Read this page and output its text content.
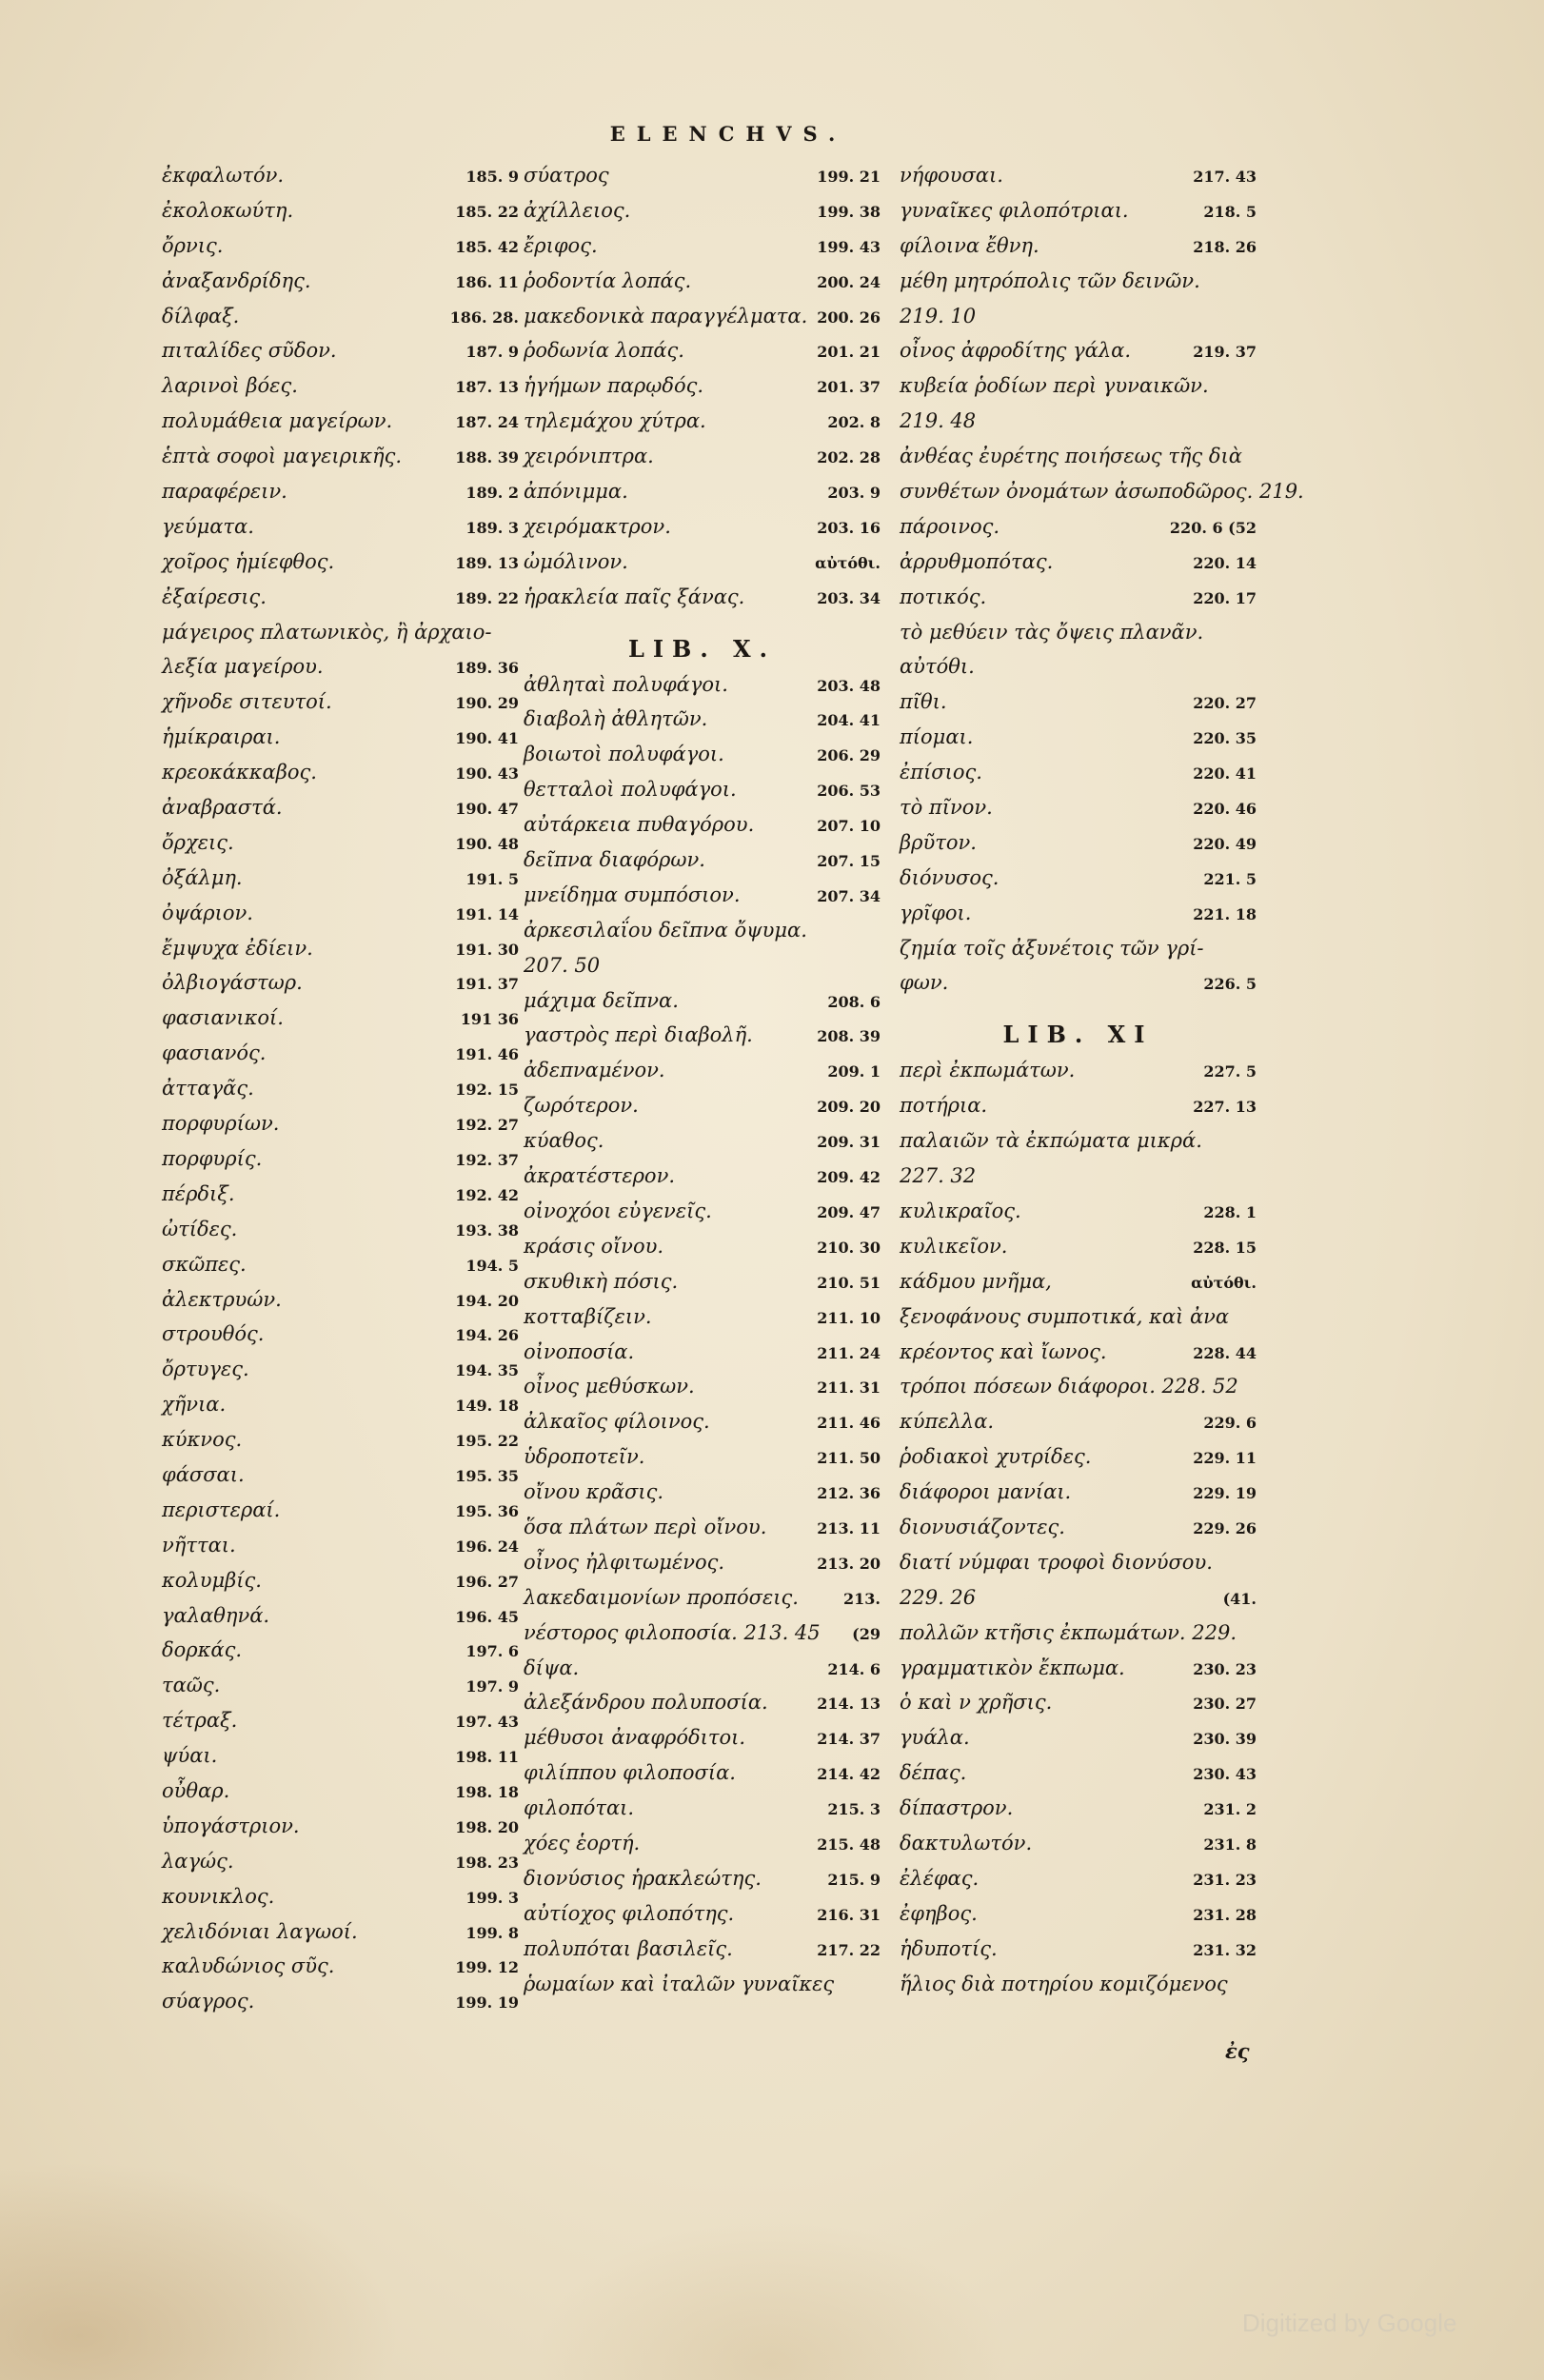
ELENCHVS.
ἐκφαλωτόν.	185. 9
ἐκολοκωύτη.	185. 22
ὄρνις.	185. 42
ἀναξανδρίδης.	186. 11
δίλφαξ.	186. 28.
πιταλίδες σῦδον.	187. 9
λαρινοὶ βόες.	187. 13
πολυμάθεια μαγείρων.	187. 24
ἑπτὰ σοφοὶ μαγειρικῆς.	188. 39
παραφέρειν.	189. 2
γεύματα.	189. 3
χοῖρος ἡμίεφθος.	189. 13
ἐξαίρεσις.	189. 22
μάγειρος πλατωνικὸς, ἢ ἀρχαιο-
λεξία μαγείρου.	189. 36
χῆνοδε σιτευτοί.	190. 29
ἡμίκραιραι.	190. 41
κρεοκάκκαβος.	190. 43
ἀναβραστά.	190. 47
ὄρχεις.	190. 48
ὀξάλμη.	191. 5
ὀψάριον.	191. 14
ἔμψυχα ἐδίειν.	191. 30
ὀλβιογάστωρ.	191. 37
φασιανικοί.	191 36
φασιανός.	191. 46
ἀτταγᾶς.	192. 15
πορφυρίων.	192. 27
πορφυρίς.	192. 37
πέρδιξ.	192. 42
ὠτίδες.	193. 38
σκῶπες.	194. 5
ἀλεκτρυών.	194. 20
στρουθός.	194. 26
ὄρτυγες.	194. 35
χῆνια.	149. 18
κύκνος.	195. 22
φάσσαι.	195. 35
περιστεραί.	195. 36
νῆτται.	196. 24
κολυμβίς.	196. 27
γαλαθηνά.	196. 45
δορκάς.	197. 6
ταῶς.	197. 9
τέτραξ.	197. 43
ψύαι.	198. 11
οὖθαρ.	198. 18
ὑπογάστριον.	198. 20
λαγώς.	198. 23
κουνικλος.	199. 3
χελιδόνιαι λαγωοί.	199. 8
καλυδώνιος σῦς.	199. 12
σύαγρος.	199. 19
σύατρος	199. 21
ἀχίλλειος.	199. 38
ἔριφος.	199. 43
ῥοδοντία λοπάς.	200. 24
μακεδονικὰ παραγγέλματα. 200. 26
ῥοδωνία λοπάς.	201. 21
ἡγήμων παρῳδός.	201. 37
τηλεμάχου χύτρα.	202. 8
χειρόνιπτρα.	202. 28
ἀπόνιμμα.	203. 9
χειρόμακτρον.	203. 16
ὠμόλινον.	αὐτόθι.
ἡρακλεία παῖς ξάνας.	203. 34
LIB. X.
ἀθληταὶ πολυφάγοι.	203. 48
διαβολὴ ἀθλητῶν.	204. 41
βοιωτοὶ πολυφάγοι.	206. 29
θετταλοὶ πολυφάγοι.	206. 53
αὐτάρκεια πυθαγόρου.	207. 10
δεῖπνα διαφόρων.	207. 15
μνείδημα συμπόσιον.	207. 34
ἀρκεσιλαΐου δεῖπνα ὄψυμα.
207. 50
μάχιμα δεῖπνα.	208. 6
γαστρὸς περὶ διαβολῆ.	208. 39
ἀδεπναμένον.	209. 1
ζωρότερον.	209. 20
κύαθος.	209. 31
ἀκρατέστερον.	209. 42
οἰνοχόοι εὐγενεῖς.	209. 47
κράσις οἴνου.	210. 30
σκυθικὴ πόσις.	210. 51
κοτταβίζειν.	211. 10
οἰνοποσία.	211. 24
οἶνος μεθύσκων.	211. 31
ἀλκαῖος φίλοινος.	211. 46
ὑδροποτεῖν.	211. 50
οἴνου κρᾶσις.	212. 36
ὅσα πλάτων περὶ οἴνου.	213. 11
οἶνος ἠλφιτωμένος.	213. 20
λακεδαιμονίων προπόσεις.	213.
νέστορος φιλοποσία. 213. 45	(29
δίψα.	214. 6
ἀλεξάνδρου πολυποσία.	214. 13
μέθυσοι ἀναφρόδιτοι.	214. 37
φιλίππου φιλοποσία.	214. 42
φιλοπόται.	215. 3
χόες ἑορτή.	215. 48
διονύσιος ἡρακλεώτης.	215. 9
αὐτίοχος φιλοπότης.	216. 31
πολυπόται βασιλεῖς.	217. 22
ῥωμαίων καὶ ἰταλῶν γυναῖκες
νήφουσαι.	217. 43
γυναῖκες φιλοπότριαι.	218. 5
φίλοινα ἔθνη.	218. 26
μέθη μητρόπολις τῶν δεινῶν.
219. 10
οἶνος ἀφροδίτης γάλα.	219. 37
κυβεία ῥοδίων περὶ γυναικῶν.
219. 48
ἀνθέας ἐυρέτης ποιήσεως τῆς διὰ
συνθέτων ὀνομάτων ἀσωποδῶρος. 219.
πάροινος.	220. 6 (52
ἀρρυθμοπότας.	220. 14
ποτικός.	220. 17
τὸ μεθύειν τὰς ὄψεις πλανᾶν.
αὐτόθι.
πῖθι.	220. 27
πίομαι.	220. 35
ἐπίσιος.	220. 41
τὸ πῖνον.	220. 46
βρῦτον.	220. 49
διόνυσος.	221. 5
γρῖφοι.	221. 18
ζημία τοῖς ἀξυνέτοις τῶν γρί-
φων.	226. 5
LIB. XI
περὶ ἐκπωμάτων.	227. 5
ποτήρια.	227. 13
παλαιῶν τὰ ἐκπώματα μικρά.
227. 32
κυλικραῖος.	228. 1
κυλικεῖον.	228. 15
κάδμου μνῆμα,	αὐτόθι.
ξενοφάνους συμποτικά, καὶ ἀνα
κρέοντος καὶ ἴωνος.	228. 44
τρόποι πόσεων διάφοροι. 228. 52
κύπελλα.	229. 6
ῥοδιακοὶ χυτρίδες.	229. 11
διάφοροι μανίαι.	229. 19
διονυσιάζοντες.	229. 26
διατί νύμφαι τροφοὶ διονύσου.
229. 26	(41.
πολλῶν κτῆσις ἐκπωμάτων. 229.
γραμματικὸν ἔκπωμα.	230. 23
ὁ καὶ ν χρῆσις.	230. 27
γυάλα.	230. 39
δέπας.	230. 43
δίπαστρον.	231. 2
δακτυλωτόν.	231. 8
ἐλέφας.	231. 23
ἐφηβος.	231. 28
ἡδυποτίς.	231. 32
ἥλιος διὰ ποτηρίου κομιζόμενος
ἐς
Digitized by Google
